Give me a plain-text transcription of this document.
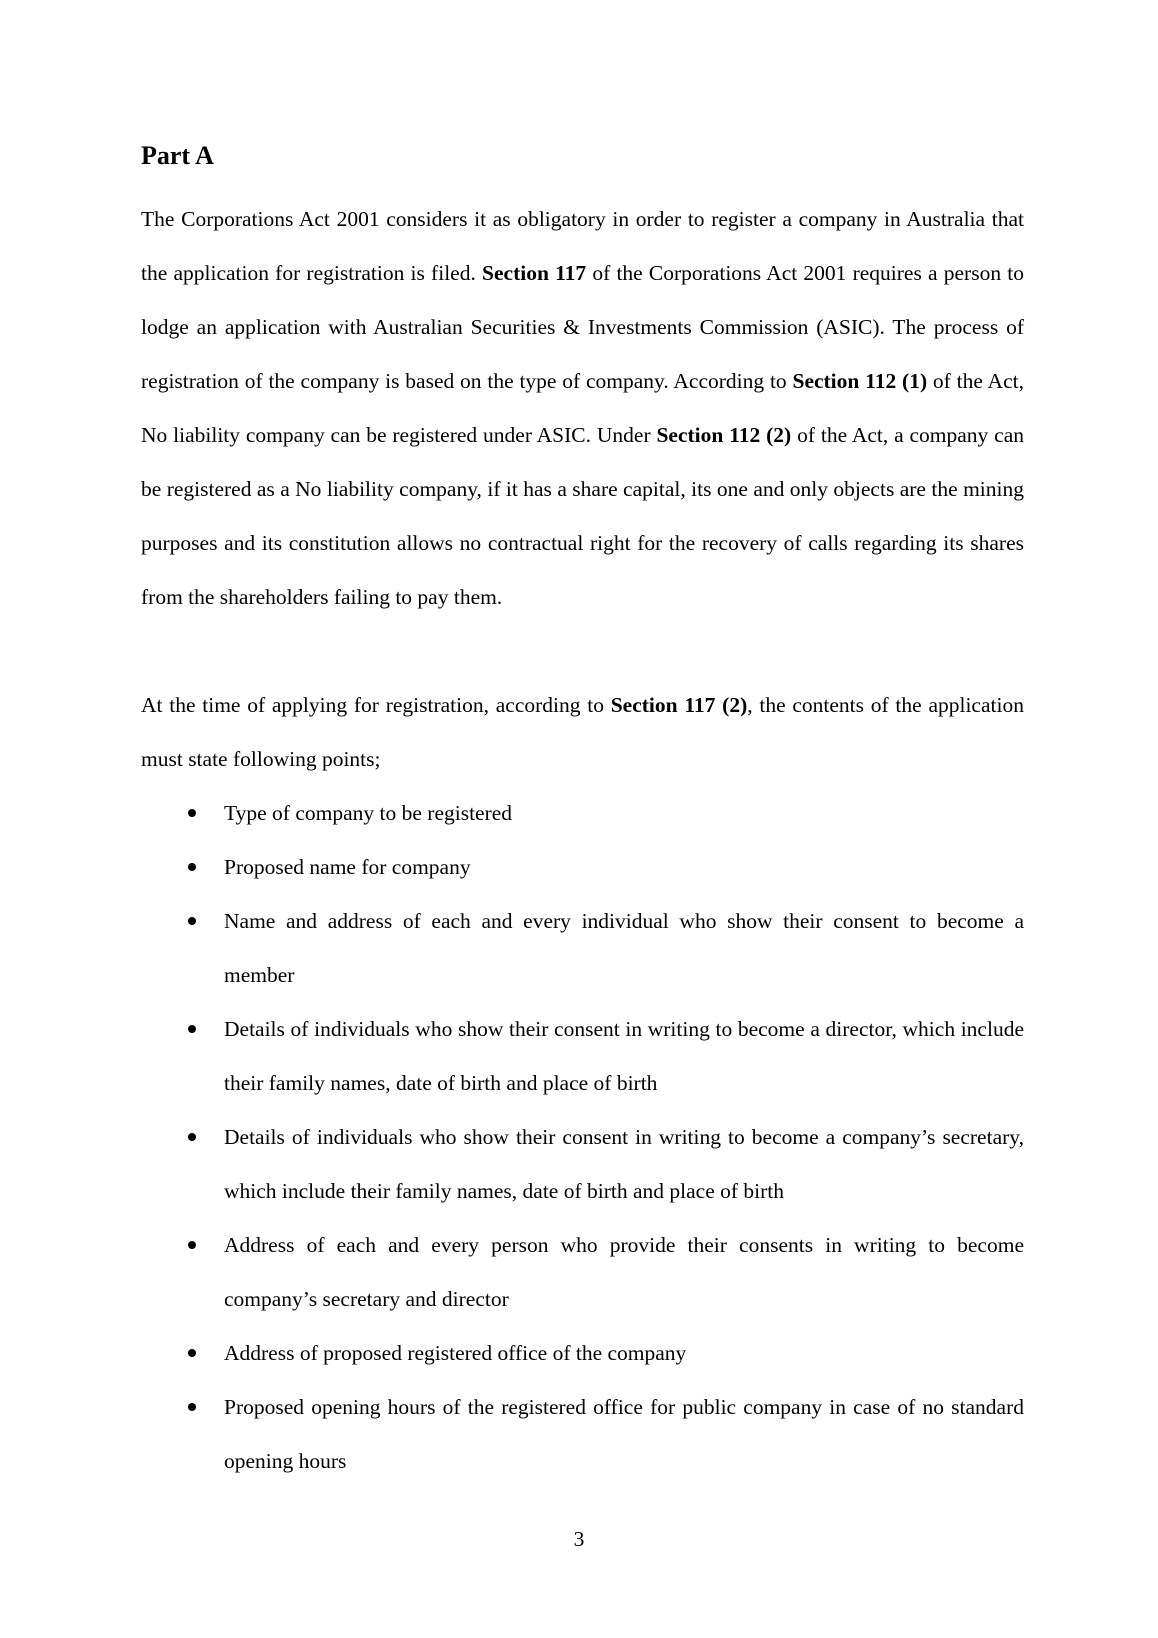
Part A

The Corporations Act 2001 considers it as obligatory in order to register a company in Australia that the application for registration is filed. Section 117 of the Corporations Act 2001 requires a person to lodge an application with Australian Securities & Investments Commission (ASIC). The process of registration of the company is based on the type of company. According to Section 112 (1) of the Act, No liability company can be registered under ASIC. Under Section 112 (2) of the Act, a company can be registered as a No liability company, if it has a share capital, its one and only objects are the mining purposes and its constitution allows no contractual right for the recovery of calls regarding its shares from the shareholders failing to pay them.

At the time of applying for registration, according to Section 117 (2), the contents of the application must state following points;

Type of company to be registered
Proposed name for company
Name and address of each and every individual who show their consent to become a member
Details of individuals who show their consent in writing to become a director, which include their family names, date of birth and place of birth
Details of individuals who show their consent in writing to become a company’s secretary, which include their family names, date of birth and place of birth
Address of each and every person who provide their consents in writing to become company’s secretary and director
Address of proposed registered office of the company
Proposed opening hours of the registered office for public company in case of no standard opening hours
3
